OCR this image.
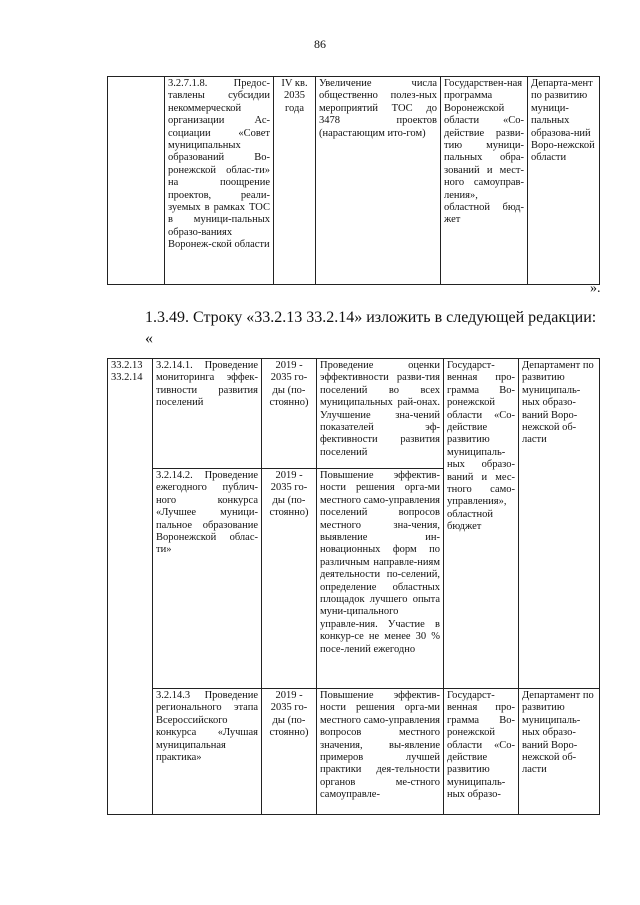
86
	3.2.7.1.8. Предос-тавлены субсидии некоммерческой организации Ас-социации «Совет муниципальных образований Во-ронежской облас-ти» на поощрение проектов, реали-зуемых в рамках ТОС в муници-пальных образо-ваниях Воронеж-ской области	IV кв. 2035 года	Увеличение числа общественно полез-ных мероприятий ТОС до 3478 проектов (нарастающим ито-гом)	Государствен-ная программа Воронежской области «Со-действие разви-тию муници-пальных обра-зований и мест-ного самоуправ-ления», областной бюд-жет	Департа-мент по развитию муници-пальных образова-ний Воро-нежской области
».
1.3.49. Строку «33.2.13 33.2.14» изложить в следующей редакции:
«
33.2.13
33.2.14	3.2.14.1. Проведение мониторинга эффек-тивности развития поселений	2019 - 2035 го-ды (по-стоянно)	Проведение оценки эффективности разви-тия поселений во всех муниципальных рай-онах. Улучшение зна-чений показателей эф-фективности развития поселений	Государст-венная про-грамма Во-ронежской области «Со-действие развитию муниципаль-ных образо-ваний и мес-тного само-управления», областной бюджет	Департамент по развитию муниципаль-ных образо-ваний Воро-нежской об-ласти
	3.2.14.2. Проведение ежегодного публич-ного конкурса «Лучшее муници-пальное образование Воронежской облас-ти»	2019 - 2035 го-ды (по-стоянно)	Повышение эффектив-ности решения орга-ми местного само-управления поселений вопросов местного зна-чения, выявление ин-новационных форм по различным направле-ниям деятельности по-селений, определение областных площадок лучшего опыта муни-ципального управле-ния. Участие в конкур-се не менее 30 % посе-лений ежегодно		
	3.2.14.3 Проведение регионального этапа Всероссийского конкурса «Лучшая муниципальная практика»	2019 - 2035 го-ды (по-стоянно)	Повышение эффектив-ности решения орга-ми местного само-управления вопросов местного значения, вы-явление примеров лучшей практики дея-тельности органов ме-стного самоуправле-	Государст-венная про-грамма Во-ронежской области «Со-действие развитию муниципаль-ных образо-	Департамент по развитию муниципаль-ных образо-ваний Воро-нежской об-ласти
